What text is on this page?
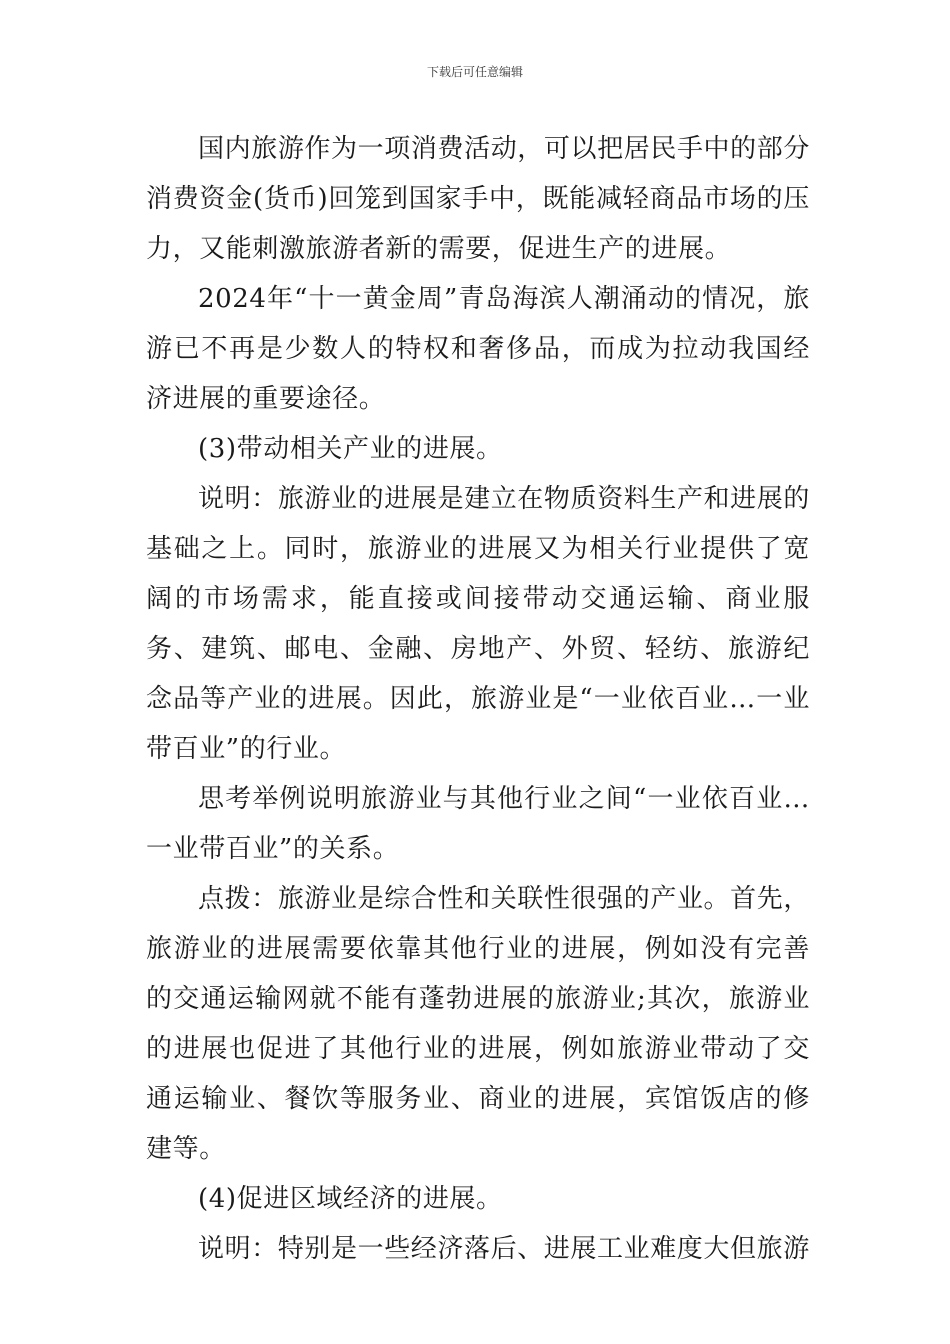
下载后可任意编辑

国内旅游作为一项消费活动，可以把居民手中的部分消费资金(货币)回笼到国家手中，既能减轻商品市场的压力，又能刺激旅游者新的需要，促进生产的进展。

2024年“十一黄金周”青岛海滨人潮涌动的情况，旅游已不再是少数人的特权和奢侈品，而成为拉动我国经济进展的重要途径。

(3)带动相关产业的进展。

说明：旅游业的进展是建立在物质资料生产和进展的基础之上。同时，旅游业的进展又为相关行业提供了宽阔的市场需求，能直接或间接带动交通运输、商业服务、建筑、邮电、金融、房地产、外贸、轻纺、旅游纪念品等产业的进展。因此，旅游业是“一业依百业…一业带百业”的行业。

思考举例说明旅游业与其他行业之间“一业依百业…一业带百业”的关系。

点拨：旅游业是综合性和关联性很强的产业。首先，旅游业的进展需要依靠其他行业的进展，例如没有完善的交通运输网就不能有蓬勃进展的旅游业;其次，旅游业的进展也促进了其他行业的进展，例如旅游业带动了交通运输业、餐饮等服务业、商业的进展，宾馆饭店的修建等。

(4)促进区域经济的进展。

说明：特别是一些经济落后、进展工业难度大但旅游
